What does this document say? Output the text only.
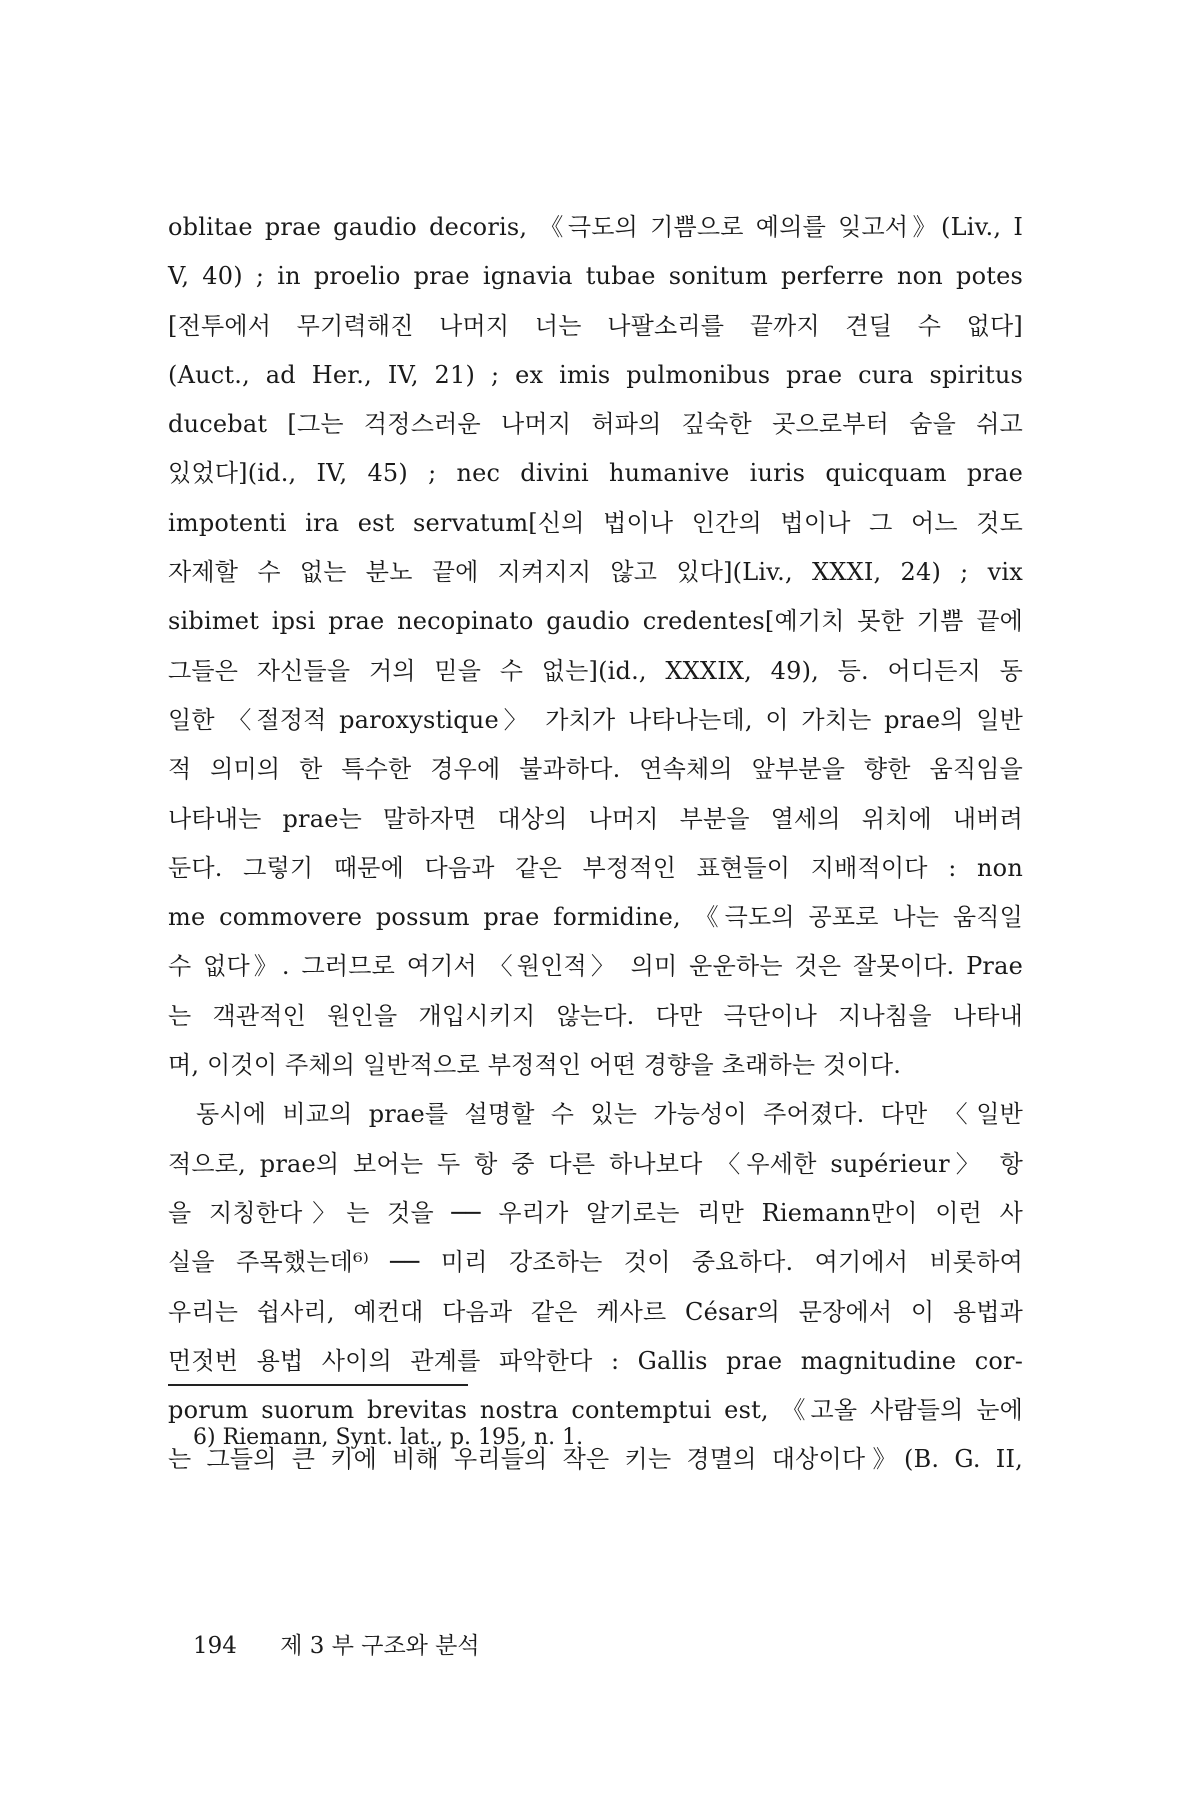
oblitae prae gaudio decoris, 《극도의 기쁨으로 예의를 잊고서》(Liv., I
V, 40) ; in proelio prae ignavia tubae sonitum perferre non potes
[전투에서 무기력해진 나머지 너는 나팔소리를 끝까지 견딜 수 없다]
(Auct., ad Her., IV, 21) ; ex imis pulmonibus prae cura spiritus
ducebat [그는 걱정스러운 나머지 허파의 깊숙한 곳으로부터 숨을 쉬고
있었다](id., IV, 45) ; nec divini humanive iuris quicquam prae
impotenti ira est servatum[신의 법이나 인간의 법이나 그 어느 것도
자제할 수 없는 분노 끝에 지켜지지 않고 있다](Liv., XXXI, 24) ; vix
sibimet ipsi prae necopinato gaudio credentes[예기치 못한 기쁨 끝에
그들은 자신들을 거의 믿을 수 없는](id., XXXIX, 49), 등. 어디든지 동
일한 〈절정적 paroxystique〉 가치가 나타나는데, 이 가치는 prae의 일반
적 의미의 한 특수한 경우에 불과하다. 연속체의 앞부분을 향한 움직임을
나타내는 prae는 말하자면 대상의 나머지 부분을 열세의 위치에 내버려
둔다. 그렇기 때문에 다음과 같은 부정적인 표현들이 지배적이다 : non
me commovere possum prae formidine, 《극도의 공포로 나는 움직일
수 없다》. 그러므로 여기서 〈원인적〉 의미 운운하는 것은 잘못이다. Prae
는 객관적인 원인을 개입시키지 않는다. 다만 극단이나 지나침을 나타내
며, 이것이 주체의 일반적으로 부정적인 어떤 경향을 초래하는 것이다.
동시에 비교의 prae를 설명할 수 있는 가능성이 주어졌다. 다만 〈일반
적으로, prae의 보어는 두 항 중 다른 하나보다 〈우세한 supérieur〉 항
을 지칭한다〉는 것을 ── 우리가 알기로는 리만 Riemann만이 이런 사
실을 주목했는데⁶⁾ ── 미리 강조하는 것이 중요하다. 여기에서 비롯하여
우리는 쉽사리, 예컨대 다음과 같은 케사르 César의 문장에서 이 용법과
먼젓번 용법 사이의 관계를 파악한다 : Gallis prae magnitudine cor-
porum suorum brevitas nostra contemptui est, 《고올 사람들의 눈에
는 그들의 큰 키에 비해 우리들의 작은 키는 경멸의 대상이다》(B. G. II,
6) Riemann, Synt. lat., p. 195, n. 1.
194 제 3 부 구조와 분석
